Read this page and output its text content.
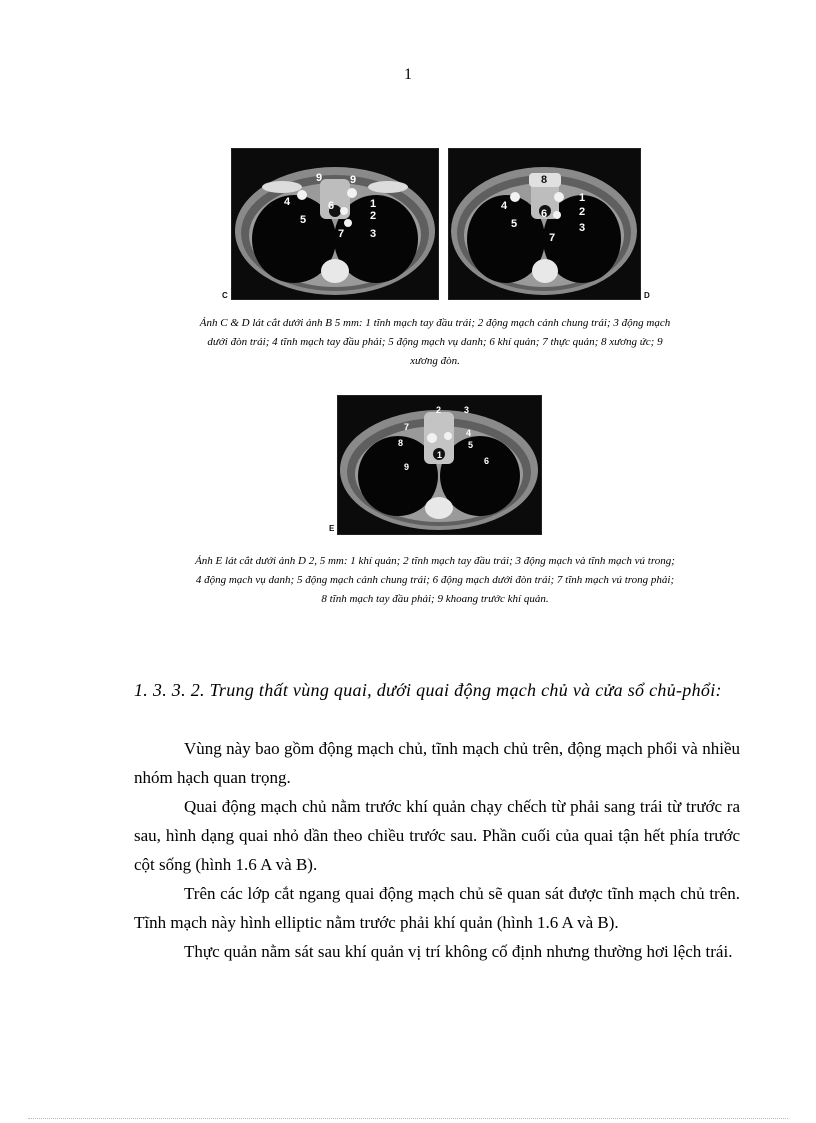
1
9	9
4
5
6	1
2
3
7
C
8
1
4	2
5
6
3
7
D
Ảnh C & D lát cắt dưới ảnh B 5 mm: 1 tĩnh mạch tay đầu trái; 2 động mạch cảnh chung trái; 3 động mạch
dưới đòn trái; 4 tĩnh mạch tay đầu phải; 5 động mạch vụ danh; 6 khí quản; 7 thực quản; 8 xương ức; 9
xương đòn.
2	3
7
4
8	5
9
1
6
E
Ảnh E lát cắt dưới ảnh D 2, 5 mm: 1 khí quản; 2 tĩnh mạch tay đầu trái; 3 động mạch và tĩnh mạch vú trong;
4 động mạch vụ danh; 5 động mạch cảnh chung trái; 6 động mạch dưới đòn trái; 7 tĩnh mạch vú trong phải;
8 tĩnh mạch tay đầu phải; 9 khoang trước khí quản.
1. 3. 3. 2. Trung thất vùng quai, dưới quai động mạch chủ và cửa sổ chủ-phổi:

Vùng này bao gồm động mạch chủ, tĩnh mạch chủ trên, động mạch phổi và nhiều nhóm hạch quan trọng.

Quai động mạch chủ nằm trước khí quản chạy chếch từ phải sang trái từ trước ra sau, hình dạng quai nhỏ dần theo chiều trước sau. Phần cuối của quai tận hết phía trước cột sống (hình 1.6 A và B).

Trên các lớp cắt ngang quai động mạch chủ sẽ quan sát được tĩnh mạch chủ trên. Tĩnh mạch này hình elliptic nằm trước phải khí quản (hình 1.6 A và B).

Thực quản nằm sát sau khí quản vị trí không cố định nhưng thường hơi lệch trái.
